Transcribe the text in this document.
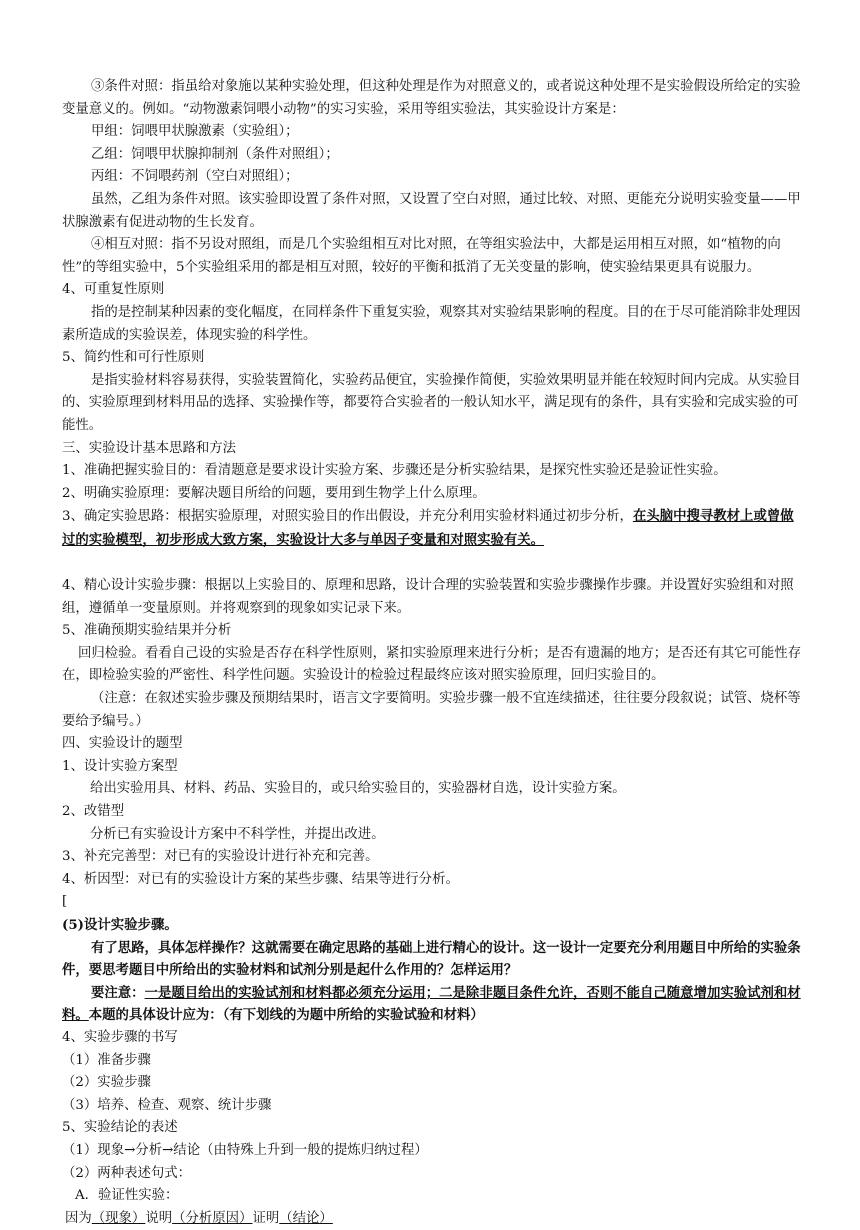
③条件对照：指虽给对象施以某种实验处理，但这种处理是作为对照意义的，或者说这种处理不是实验假设所给定的实验变量意义的。例如。“动物激素饲喂小动物”的实习实验，采用等组实验法，其实验设计方案是：

甲组：饲喂甲状腺激素（实验组）；

乙组：饲喂甲状腺抑制剂（条件对照组）；

丙组：不饲喂药剂（空白对照组）；

虽然，乙组为条件对照。该实验即设置了条件对照，又设置了空白对照，通过比较、对照、更能充分说明实验变量——甲状腺激素有促进动物的生长发育。

④相互对照：指不另设对照组，而是几个实验组相互对比对照，在等组实验法中，大都是运用相互对照，如“植物的向性”的等组实验中，5个实验组采用的都是相互对照，较好的平衡和抵消了无关变量的影响，使实验结果更具有说服力。

4、可重复性原则

指的是控制某种因素的变化幅度，在同样条件下重复实验，观察其对实验结果影响的程度。目的在于尽可能消除非处理因素所造成的实验误差，体现实验的科学性。

5、简约性和可行性原则

是指实验材料容易获得，实验装置简化，实验药品便宜，实验操作简便，实验效果明显并能在较短时间内完成。从实验目的、实验原理到材料用品的选择、实验操作等，都要符合实验者的一般认知水平，满足现有的条件，具有实验和完成实验的可能性。

三、实验设计基本思路和方法

1、准确把握实验目的：看清题意是要求设计实验方案、步骤还是分析实验结果，是探究性实验还是验证性实验。

2、明确实验原理：要解决题目所给的问题，要用到生物学上什么原理。

3、确定实验思路：根据实验原理，对照实验目的作出假设，并充分利用实验材料通过初步分析，在头脑中搜寻教材上或曾做过的实验模型，初步形成大致方案，实验设计大多与单因子变量和对照实验有关。

4、精心设计实验步骤：根据以上实验目的、原理和思路，设计合理的实验装置和实验步骤操作步骤。并设置好实验组和对照组，遵循单一变量原则。并将观察到的现象如实记录下来。

5、准确预期实验结果并分析

回归检验。看看自己设的实验是否存在科学性原则，紧扣实验原理来进行分析；是否有遗漏的地方；是否还有其它可能性存在，即检验实验的严密性、科学性问题。实验设计的检验过程最终应该对照实验原理，回归实验目的。

（注意：在叙述实验步骤及预期结果时，语言文字要简明。实验步骤一般不宜连续描述，往往要分段叙说；试管、烧杯等要给予编号。）

四、实验设计的题型

1、设计实验方案型

给出实验用具、材料、药品、实验目的，或只给实验目的，实验器材自选，设计实验方案。

2、改错型

分析已有实验设计方案中不科学性，并提出改进。

3、补充完善型：对已有的实验设计进行补充和完善。

4、析因型：对已有的实验设计方案的某些步骤、结果等进行分析。

[

(5)设计实验步骤。

有了思路，具体怎样操作？这就需要在确定思路的基础上进行精心的设计。这一设计一定要充分利用题目中所给的实验条件，要思考题目中所给出的实验材料和试剂分别是起什么作用的？怎样运用？

要注意：一是题目给出的实验试剂和材料都必须充分运用；二是除非题目条件允许，否则不能自己随意增加实验试剂和材料。本题的具体设计应为：（有下划线的为题中所给的实验试验和材料）

4、实验步骤的书写

（1）准备步骤

（2）实验步骤

（3）培养、检查、观察、统计步骤

5、实验结论的表述

（1）现象→分析→结论（由特殊上升到一般的提炼归纳过程）

（2）两种表述句式：

A．验证性实验：

因为（现象）说明（分析原因）证明（结论）
